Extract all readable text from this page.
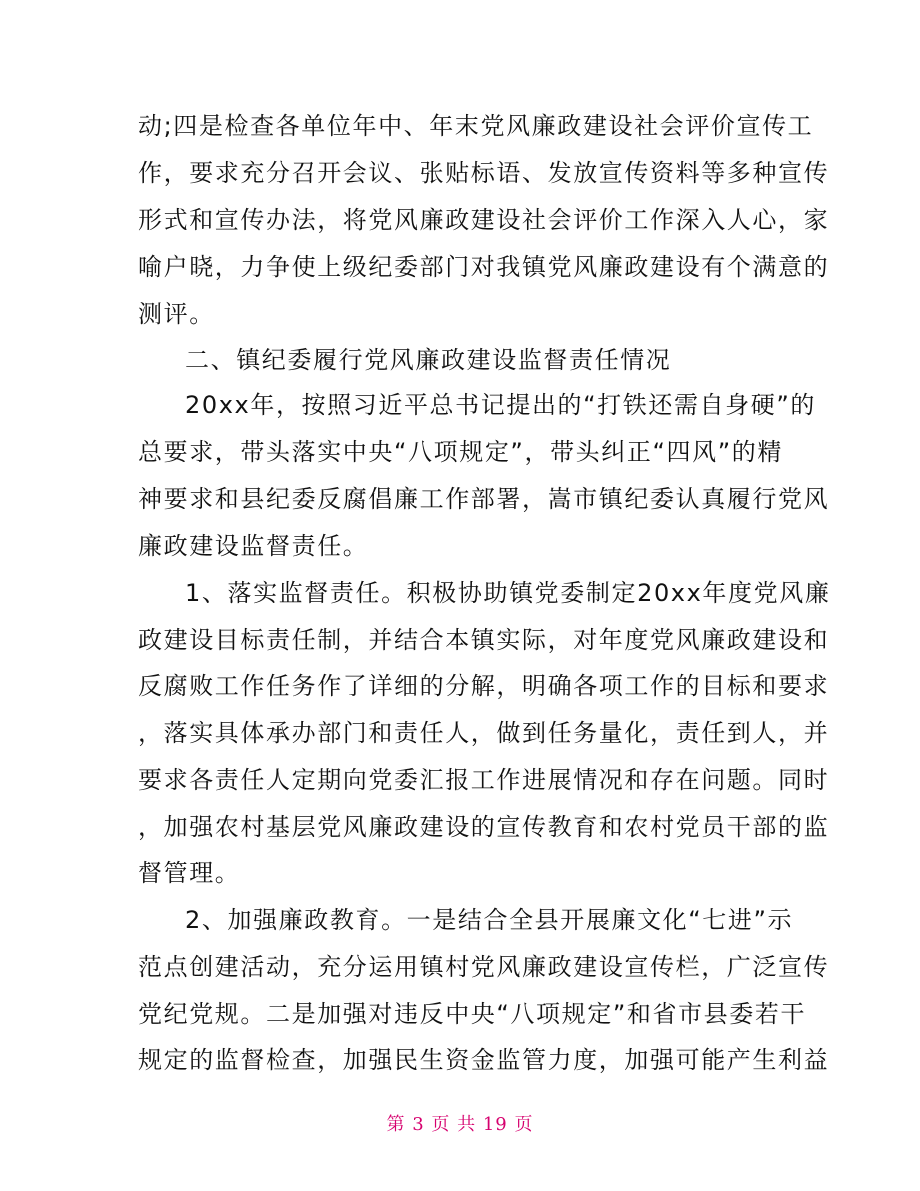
动;四是检查各单位年中、年末党风廉政建设社会评价宣传工
作，要求充分召开会议、张贴标语、发放宣传资料等多种宣传
形式和宣传办法，将党风廉政建设社会评价工作深入人心，家
喻户晓，力争使上级纪委部门对我镇党风廉政建设有个满意的
测评。
二、镇纪委履行党风廉政建设监督责任情况
20xx年，按照习近平总书记提出的“打铁还需自身硬”的
总要求，带头落实中央“八项规定”，带头纠正“四风”的精
神要求和县纪委反腐倡廉工作部署，嵩市镇纪委认真履行党风
廉政建设监督责任。
1、落实监督责任。积极协助镇党委制定20xx年度党风廉
政建设目标责任制，并结合本镇实际，对年度党风廉政建设和
反腐败工作任务作了详细的分解，明确各项工作的目标和要求
，落实具体承办部门和责任人，做到任务量化，责任到人，并
要求各责任人定期向党委汇报工作进展情况和存在问题。同时
，加强农村基层党风廉政建设的宣传教育和农村党员干部的监
督管理。
2、加强廉政教育。一是结合全县开展廉文化“七进”示
范点创建活动，充分运用镇村党风廉政建设宣传栏，广泛宣传
党纪党规。二是加强对违反中央“八项规定”和省市县委若干
规定的监督检查，加强民生资金监管力度，加强可能产生利益
第 3 页 共 19 页
